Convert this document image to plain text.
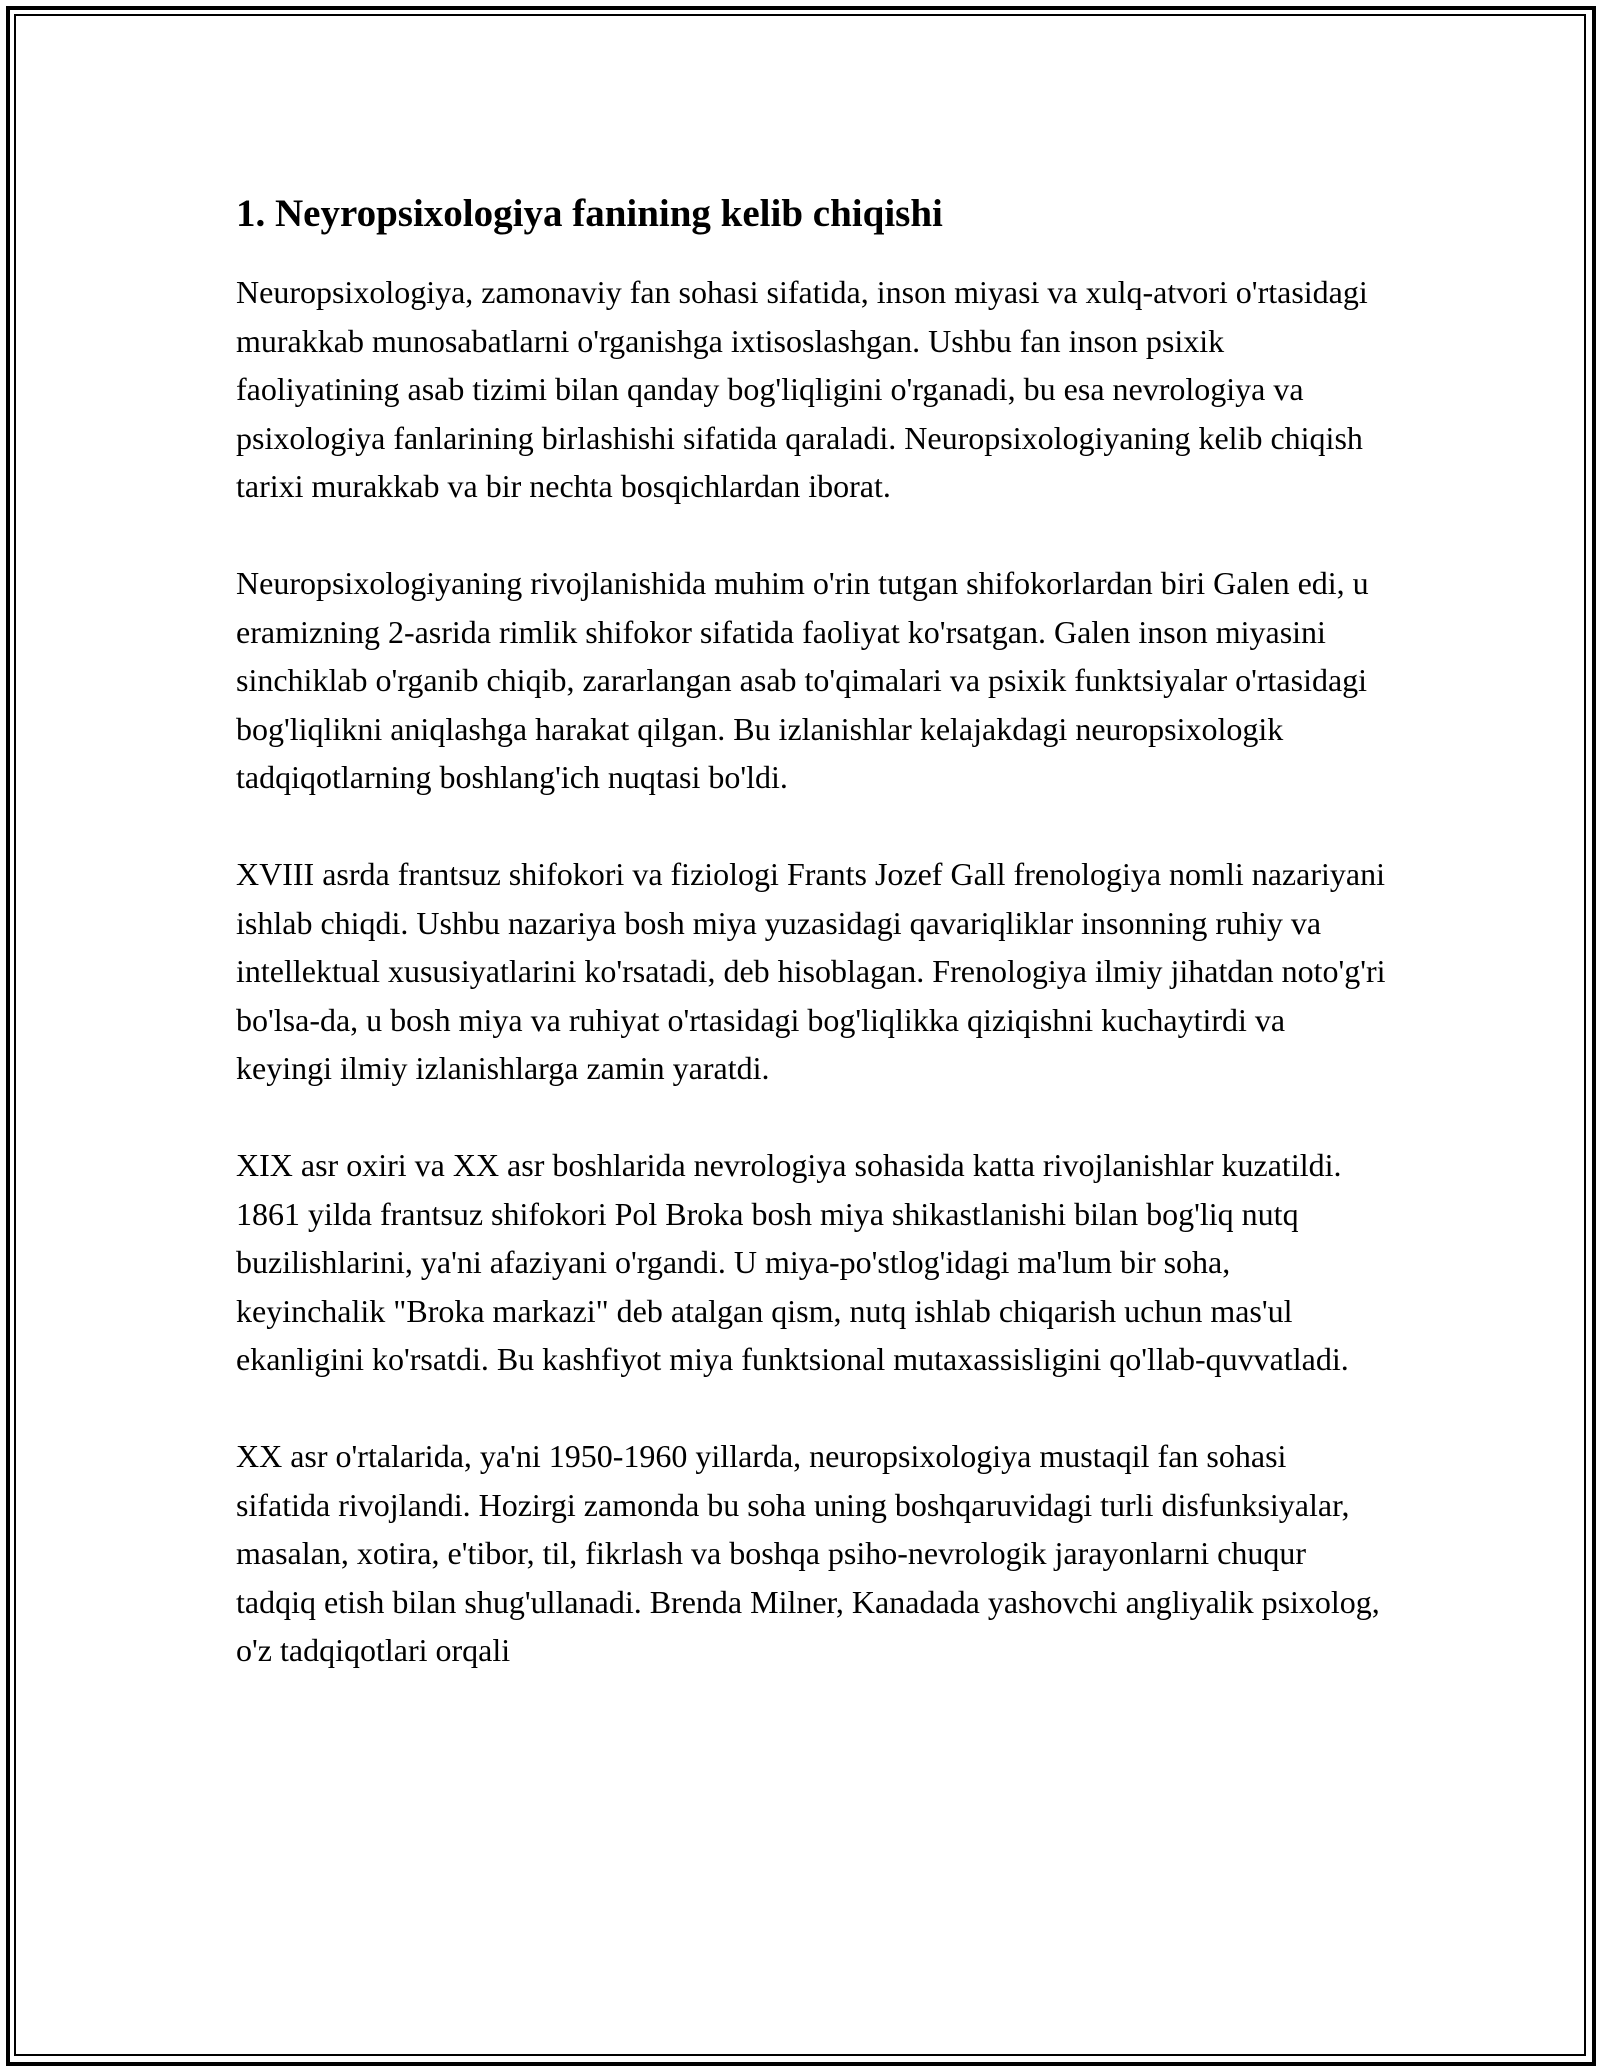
1. Neyropsixologiya fanining kelib chiqishi

Neuropsixologiya, zamonaviy fan sohasi sifatida, inson miyasi va xulq-atvori o'rtasidagi murakkab munosabatlarni o'rganishga ixtisoslashgan. Ushbu fan inson psixik faoliyatining asab tizimi bilan qanday bog'liqligini o'rganadi, bu esa nevrologiya va psixologiya fanlarining birlashishi sifatida qaraladi. Neuropsixologiyaning kelib chiqish tarixi murakkab va bir nechta bosqichlardan iborat.

Neuropsixologiyaning rivojlanishida muhim o'rin tutgan shifokorlardan biri Galen edi, u eramizning 2-asrida rimlik shifokor sifatida faoliyat ko'rsatgan. Galen inson miyasini sinchiklab o'rganib chiqib, zararlangan asab to'qimalari va psixik funktsiyalar o'rtasidagi bog'liqlikni aniqlashga harakat qilgan. Bu izlanishlar kelajakdagi neuropsixologik tadqiqotlarning boshlang'ich nuqtasi bo'ldi.

XVIII asrda frantsuz shifokori va fiziologi Frants Jozef Gall frenologiya nomli nazariyani ishlab chiqdi. Ushbu nazariya bosh miya yuzasidagi qavariqliklar insonning ruhiy va intellektual xususiyatlarini ko'rsatadi, deb hisoblagan. Frenologiya ilmiy jihatdan noto'g'ri bo'lsa-da, u bosh miya va ruhiyat o'rtasidagi bog'liqlikka qiziqishni kuchaytirdi va keyingi ilmiy izlanishlarga zamin yaratdi.

XIX asr oxiri va XX asr boshlarida nevrologiya sohasida katta rivojlanishlar kuzatildi. 1861 yilda frantsuz shifokori Pol Broka bosh miya shikastlanishi bilan bog'liq nutq buzilishlarini, ya'ni afaziyani o'rgandi. U miya-po'stlog'idagi ma'lum bir soha, keyinchalik "Broka markazi" deb atalgan qism, nutq ishlab chiqarish uchun mas'ul ekanligini ko'rsatdi. Bu kashfiyot miya funktsional mutaxassisligini qo'llab-quvvatladi.

XX asr o'rtalarida, ya'ni 1950-1960 yillarda, neuropsixologiya mustaqil fan sohasi sifatida rivojlandi. Hozirgi zamonda bu soha uning boshqaruvidagi turli disfunksiyalar, masalan, xotira, e'tibor, til, fikrlash va boshqa psiho-nevrologik jarayonlarni chuqur tadqiq etish bilan shug'ullanadi. Brenda Milner, Kanadada yashovchi angliyalik psixolog, o'z tadqiqotlari orqali
